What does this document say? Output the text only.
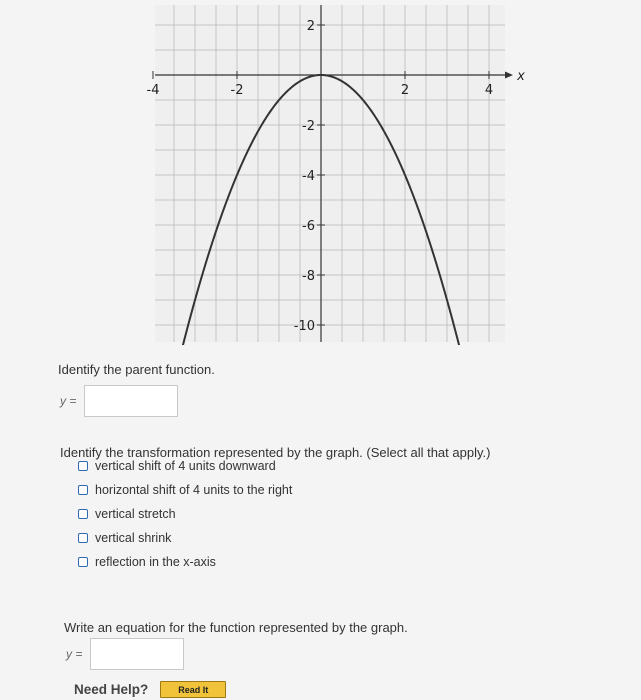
-4	-2	2	4
2
-2
-4
-6
-8
-10
x
Identify the parent function.
y =
Identify the transformation represented by the graph. (Select all that apply.)
vertical shift of 4 units downward
horizontal shift of 4 units to the right
vertical stretch
vertical shrink
reflection in the x-axis
Write an equation for the function represented by the graph.
y =
Need Help?	Read It
